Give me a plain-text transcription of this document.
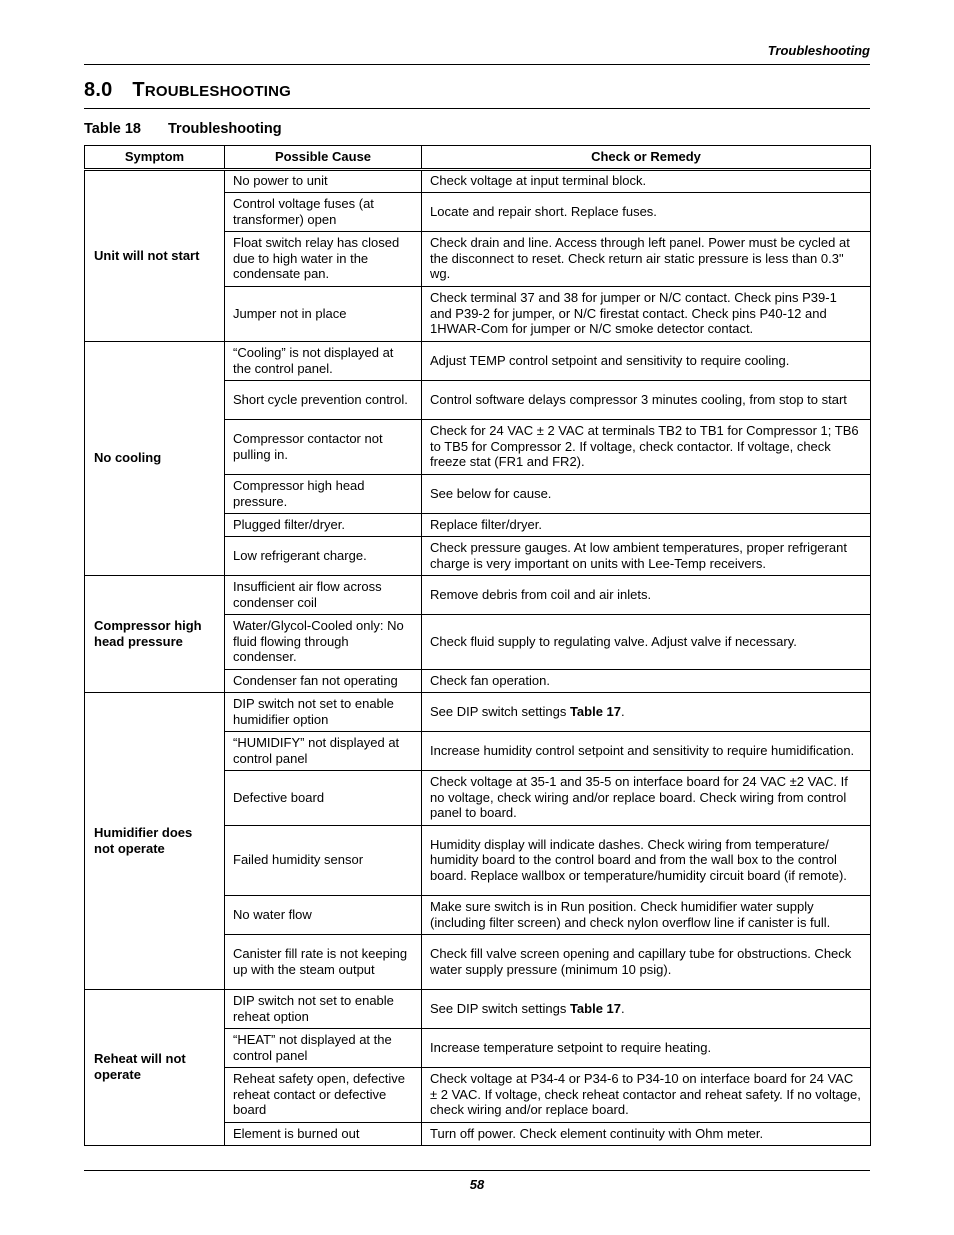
Troubleshooting
8.0 TROUBLESHOOTING
Table 18 Troubleshooting
Symptom	Possible Cause	Check or Remedy
Unit will not start	No power to unit	Check voltage at input terminal block.
	Control voltage fuses (at transformer) open	Locate and repair short. Replace fuses.
	Float switch relay has closed due to high water in the condensate pan.	Check drain and line. Access through left panel. Power must be cycled at the disconnect to reset. Check return air static pressure is less than 0.3" wg.
	Jumper not in place	Check terminal 37 and 38 for jumper or N/C contact. Check pins P39-1 and P39-2 for jumper, or N/C firestat contact. Check pins P40-12 and 1HWAR-Com for jumper or N/C smoke detector contact.
No cooling	“Cooling” is not displayed at the control panel.	Adjust TEMP control setpoint and sensitivity to require cooling.
	Short cycle prevention control.	Control software delays compressor 3 minutes cooling, from stop to start
	Compressor contactor not pulling in.	Check for 24 VAC ± 2 VAC at terminals TB2 to TB1 for Compressor 1; TB6 to TB5 for Compressor 2. If voltage, check contactor. If voltage, check freeze stat (FR1 and FR2).
	Compressor high head pressure.	See below for cause.
	Plugged filter/dryer.	Replace filter/dryer.
	Low refrigerant charge.	Check pressure gauges. At low ambient temperatures, proper refrigerant charge is very important on units with Lee-Temp receivers.
Compressor high head pressure	Insufficient air flow across condenser coil	Remove debris from coil and air inlets.
	Water/Glycol-Cooled only: No fluid flowing through condenser.	Check fluid supply to regulating valve. Adjust valve if necessary.
	Condenser fan not operating	Check fan operation.
Humidifier does not operate	DIP switch not set to enable humidifier option	See DIP switch settings Table 17.
	“HUMIDIFY” not displayed at control panel	Increase humidity control setpoint and sensitivity to require humidification.
	Defective board	Check voltage at 35-1 and 35-5 on interface board for 24 VAC ±2 VAC. If no voltage, check wiring and/or replace board. Check wiring from control panel to board.
	Failed humidity sensor	Humidity display will indicate dashes. Check wiring from temperature/ humidity board to the control board and from the wall box to the control board. Replace wallbox or temperature/humidity circuit board (if remote).
	No water flow	Make sure switch is in Run position. Check humidifier water supply (including filter screen) and check nylon overflow line if canister is full.
	Canister fill rate is not keeping up with the steam output	Check fill valve screen opening and capillary tube for obstructions. Check water supply pressure (minimum 10 psig).
Reheat will not operate	DIP switch not set to enable reheat option	See DIP switch settings Table 17.
	“HEAT” not displayed at the control panel	Increase temperature setpoint to require heating.
	Reheat safety open, defective reheat contact or defective board	Check voltage at P34-4 or P34-6 to P34-10 on interface board for 24 VAC ± 2 VAC. If voltage, check reheat contactor and reheat safety. If no voltage, check wiring and/or replace board.
	Element is burned out	Turn off power. Check element continuity with Ohm meter.
58
